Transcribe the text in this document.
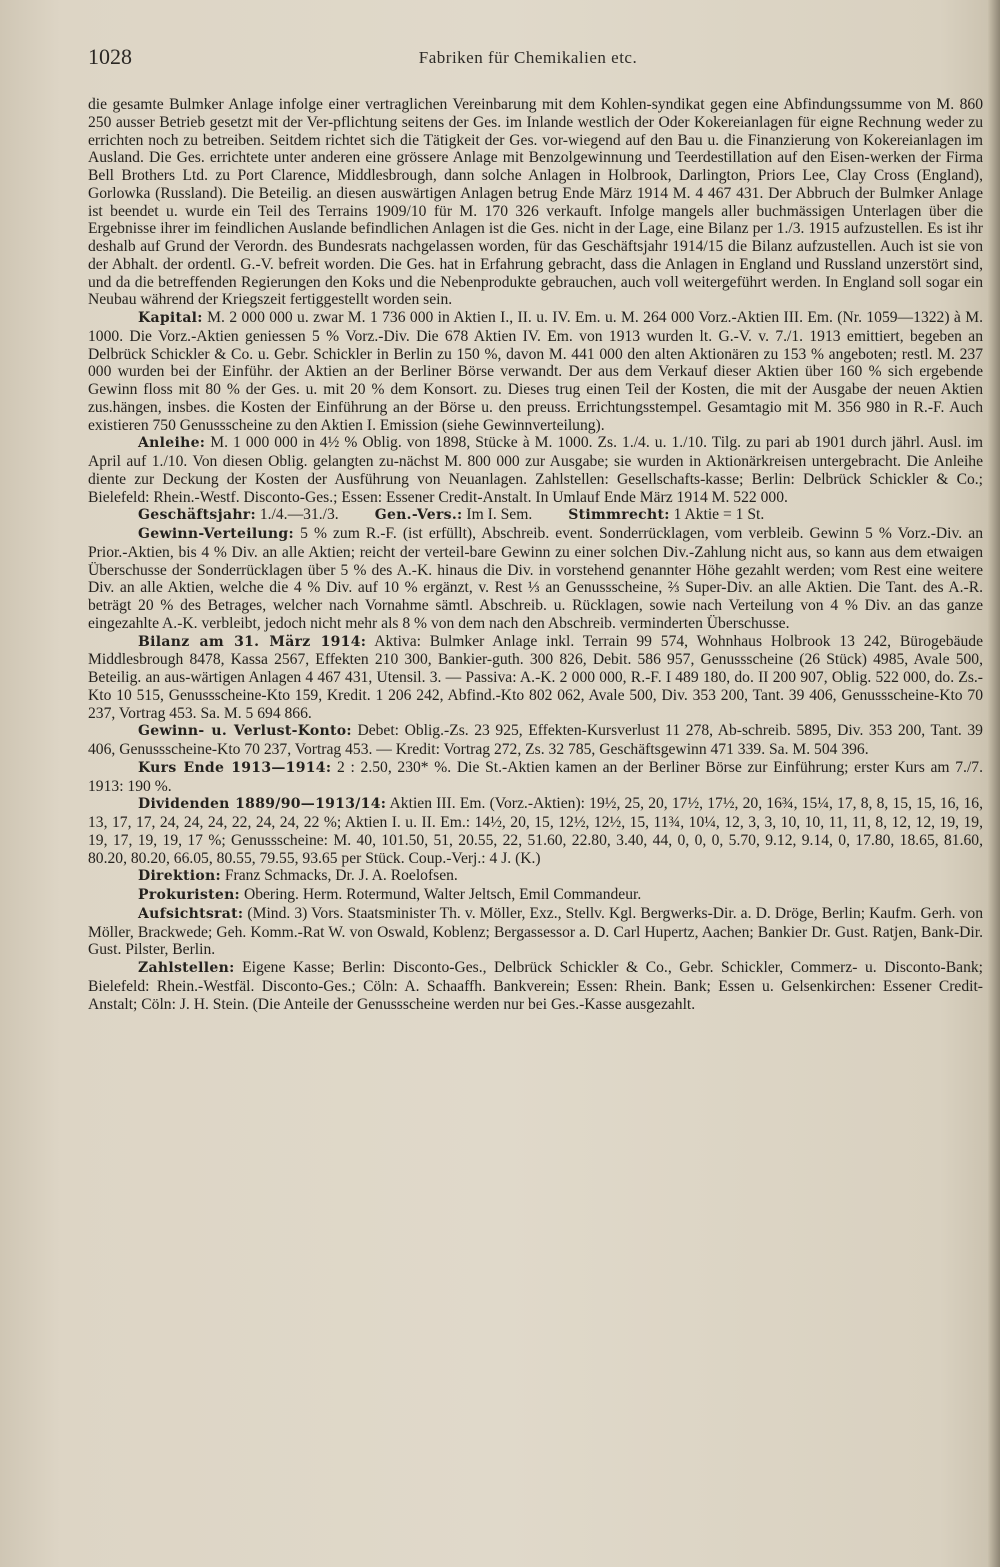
1028	Fabriken für Chemikalien etc.

die gesamte Bulmker Anlage infolge einer vertraglichen Vereinbarung mit dem Kohlen-syndikat gegen eine Abfindungssumme von M. 860 250 ausser Betrieb gesetzt mit der Ver-pflichtung seitens der Ges. im Inlande westlich der Oder Kokereianlagen für eigne Rechnung weder zu errichten noch zu betreiben. Seitdem richtet sich die Tätigkeit der Ges. vor-wiegend auf den Bau u. die Finanzierung von Kokereianlagen im Ausland. Die Ges. errichtete unter anderen eine grössere Anlage mit Benzolgewinnung und Teerdestillation auf den Eisen-werken der Firma Bell Brothers Ltd. zu Port Clarence, Middlesbrough, dann solche Anlagen in Holbrook, Darlington, Priors Lee, Clay Cross (England), Gorlowka (Russland). Die Beteilig. an diesen auswärtigen Anlagen betrug Ende März 1914 M. 4 467 431. Der Abbruch der Bulmker Anlage ist beendet u. wurde ein Teil des Terrains 1909/10 für M. 170 326 verkauft. Infolge mangels aller buchmässigen Unterlagen über die Ergebnisse ihrer im feindlichen Auslande befindlichen Anlagen ist die Ges. nicht in der Lage, eine Bilanz per 1./3. 1915 aufzustellen. Es ist ihr deshalb auf Grund der Verordn. des Bundesrats nachgelassen worden, für das Geschäftsjahr 1914/15 die Bilanz aufzustellen. Auch ist sie von der Abhalt. der ordentl. G.-V. befreit worden. Die Ges. hat in Erfahrung gebracht, dass die Anlagen in England und Russland unzerstört sind, und da die betreffenden Regierungen den Koks und die Nebenprodukte gebrauchen, auch voll weitergeführt werden. In England soll sogar ein Neubau während der Kriegszeit fertiggestellt worden sein.

Kapital: M. 2 000 000 u. zwar M. 1 736 000 in Aktien I., II. u. IV. Em. u. M. 264 000 Vorz.-Aktien III. Em. (Nr. 1059—1322) à M. 1000. Die Vorz.-Aktien geniessen 5 % Vorz.-Div. Die 678 Aktien IV. Em. von 1913 wurden lt. G.-V. v. 7./1. 1913 emittiert, begeben an Delbrück Schickler & Co. u. Gebr. Schickler in Berlin zu 150 %, davon M. 441 000 den alten Aktionären zu 153 % angeboten; restl. M. 237 000 wurden bei der Einführ. der Aktien an der Berliner Börse verwandt. Der aus dem Verkauf dieser Aktien über 160 % sich ergebende Gewinn floss mit 80 % der Ges. u. mit 20 % dem Konsort. zu. Dieses trug einen Teil der Kosten, die mit der Ausgabe der neuen Aktien zus.hängen, insbes. die Kosten der Einführung an der Börse u. den preuss. Errichtungsstempel. Gesamtagio mit M. 356 980 in R.-F. Auch existieren 750 Genussscheine zu den Aktien I. Emission (siehe Gewinnverteilung).

Anleihe: M. 1 000 000 in 4½ % Oblig. von 1898, Stücke à M. 1000. Zs. 1./4. u. 1./10. Tilg. zu pari ab 1901 durch jährl. Ausl. im April auf 1./10. Von diesen Oblig. gelangten zu-nächst M. 800 000 zur Ausgabe; sie wurden in Aktionärkreisen untergebracht. Die Anleihe diente zur Deckung der Kosten der Ausführung von Neuanlagen. Zahlstellen: Gesellschafts-kasse; Berlin: Delbrück Schickler & Co.; Bielefeld: Rhein.-Westf. Disconto-Ges.; Essen: Essener Credit-Anstalt. In Umlauf Ende März 1914 M. 522 000.

Geschäftsjahr: 1./4.—31./3.	Gen.-Vers.: Im I. Sem.	Stimmrecht: 1 Aktie = 1 St.

Gewinn-Verteilung: 5 % zum R.-F. (ist erfüllt), Abschreib. event. Sonderrücklagen, vom verbleib. Gewinn 5 % Vorz.-Div. an Prior.-Aktien, bis 4 % Div. an alle Aktien; reicht der verteil-bare Gewinn zu einer solchen Div.-Zahlung nicht aus, so kann aus dem etwaigen Überschusse der Sonderrücklagen über 5 % des A.-K. hinaus die Div. in vorstehend genannter Höhe gezahlt werden; vom Rest eine weitere Div. an alle Aktien, welche die 4 % Div. auf 10 % ergänzt, v. Rest ⅓ an Genussscheine, ⅔ Super-Div. an alle Aktien. Die Tant. des A.-R. beträgt 20 % des Betrages, welcher nach Vornahme sämtl. Abschreib. u. Rücklagen, sowie nach Verteilung von 4 % Div. an das ganze eingezahlte A.-K. verbleibt, jedoch nicht mehr als 8 % von dem nach den Abschreib. verminderten Überschusse.

Bilanz am 31. März 1914: Aktiva: Bulmker Anlage inkl. Terrain 99 574, Wohnhaus Holbrook 13 242, Bürogebäude Middlesbrough 8478, Kassa 2567, Effekten 210 300, Bankier-guth. 300 826, Debit. 586 957, Genussscheine (26 Stück) 4985, Avale 500, Beteilig. an aus-wärtigen Anlagen 4 467 431, Utensil. 3. — Passiva: A.-K. 2 000 000, R.-F. I 489 180, do. II 200 907, Oblig. 522 000, do. Zs.-Kto 10 515, Genussscheine-Kto 159, Kredit. 1 206 242, Abfind.-Kto 802 062, Avale 500, Div. 353 200, Tant. 39 406, Genussscheine-Kto 70 237, Vortrag 453. Sa. M. 5 694 866.

Gewinn- u. Verlust-Konto: Debet: Oblig.-Zs. 23 925, Effekten-Kursverlust 11 278, Ab-schreib. 5895, Div. 353 200, Tant. 39 406, Genussscheine-Kto 70 237, Vortrag 453. — Kredit: Vortrag 272, Zs. 32 785, Geschäftsgewinn 471 339. Sa. M. 504 396.

Kurs Ende 1913—1914: 2 : 2.50, 230* %. Die St.-Aktien kamen an der Berliner Börse zur Einführung; erster Kurs am 7./7. 1913: 190 %.

Dividenden 1889/90—1913/14: Aktien III. Em. (Vorz.-Aktien): 19½, 25, 20, 17½, 17½, 20, 16¾, 15¼, 17, 8, 8, 15, 15, 16, 16, 13, 17, 17, 24, 24, 24, 22, 24, 24, 22 %; Aktien I. u. II. Em.: 14½, 20, 15, 12½, 12½, 15, 11¾, 10¼, 12, 3, 3, 10, 10, 11, 11, 8, 12, 12, 19, 19, 19, 17, 19, 19, 17 %; Genussscheine: M. 40, 101.50, 51, 20.55, 22, 51.60, 22.80, 3.40, 44, 0, 0, 0, 5.70, 9.12, 9.14, 0, 17.80, 18.65, 81.60, 80.20, 80.20, 66.05, 80.55, 79.55, 93.65 per Stück. Coup.-Verj.: 4 J. (K.)

Direktion: Franz Schmacks, Dr. J. A. Roelofsen.

Prokuristen: Obering. Herm. Rotermund, Walter Jeltsch, Emil Commandeur.

Aufsichtsrat: (Mind. 3) Vors. Staatsminister Th. v. Möller, Exz., Stellv. Kgl. Bergwerks-Dir. a. D. Dröge, Berlin; Kaufm. Gerh. von Möller, Brackwede; Geh. Komm.-Rat W. von Oswald, Koblenz; Bergassessor a. D. Carl Hupertz, Aachen; Bankier Dr. Gust. Ratjen, Bank-Dir. Gust. Pilster, Berlin.

Zahlstellen: Eigene Kasse; Berlin: Disconto-Ges., Delbrück Schickler & Co., Gebr. Schickler, Commerz- u. Disconto-Bank; Bielefeld: Rhein.-Westfäl. Disconto-Ges.; Cöln: A. Schaaffh. Bankverein; Essen: Rhein. Bank; Essen u. Gelsenkirchen: Essener Credit-Anstalt; Cöln: J. H. Stein. (Die Anteile der Genussscheine werden nur bei Ges.-Kasse ausgezahlt.
